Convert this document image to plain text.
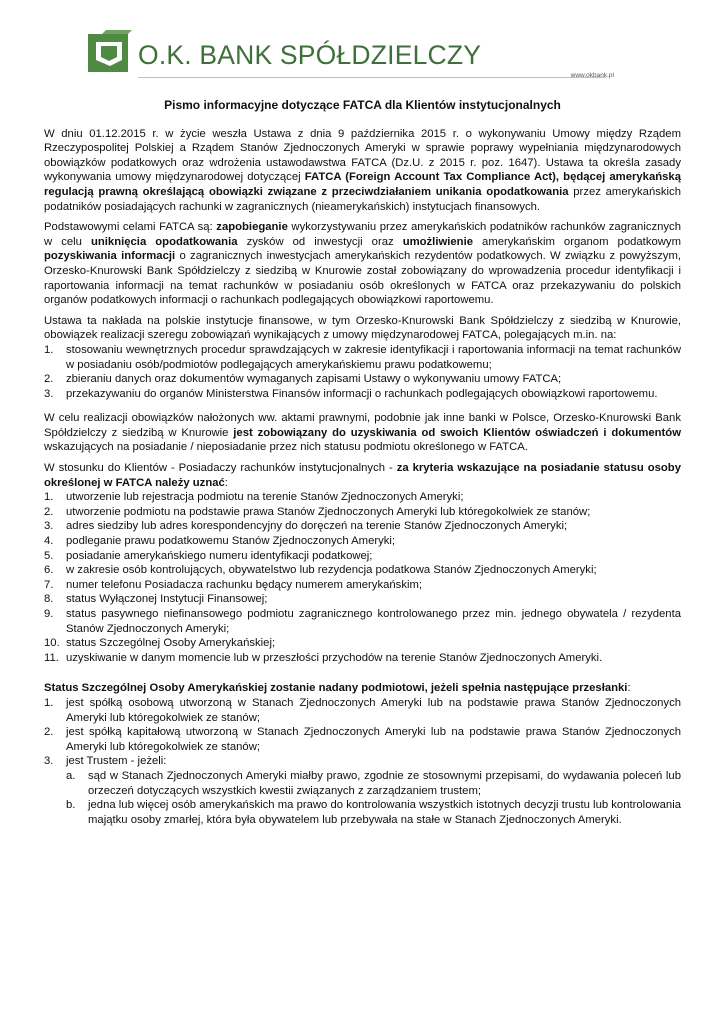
O.K. BANK SPÓŁDZIELCZY
www.okbank.pl
Pismo informacyjne dotyczące FATCA dla Klientów instytucjonalnych

W dniu 01.12.2015 r. w życie weszła Ustawa z dnia 9 października 2015 r. o wykonywaniu Umowy między Rządem Rzeczypospolitej Polskiej a Rządem Stanów Zjednoczonych Ameryki w sprawie poprawy wypełniania międzynarodowych obowiązków podatkowych oraz wdrożenia ustawodawstwa FATCA (Dz.U. z 2015 r. poz. 1647). Ustawa ta określa zasady wykonywania umowy międzynarodowej dotyczącej FATCA (Foreign Account Tax Compliance Act), będącej amerykańską regulacją prawną określającą obowiązki związane z przeciwdziałaniem unikania opodatkowania przez amerykańskich podatników posiadających rachunki w zagranicznych (nieamerykańskich) instytucjach finansowych.

Podstawowymi celami FATCA są: zapobieganie wykorzystywaniu przez amerykańskich podatników rachunków zagranicznych w celu uniknięcia opodatkowania zysków od inwestycji oraz umożliwienie amerykańskim organom podatkowym pozyskiwania informacji o zagranicznych inwestycjach amerykańskich rezydentów podatkowych. W związku z powyższym, Orzesko-Knurowski Bank Spółdzielczy z siedzibą w Knurowie został zobowiązany do wprowadzenia procedur identyfikacji i raportowania informacji na temat rachunków w posiadaniu osób określonych w FATCA oraz przekazywaniu do polskich organów podatkowych informacji o rachunkach podlegających obowiązkowi raportowemu.

Ustawa ta nakłada na polskie instytucje finansowe, w tym Orzesko-Knurowski Bank Spółdzielczy z siedzibą w Knurowie, obowiązek realizacji szeregu zobowiązań wynikających z umowy międzynarodowej FATCA, polegających m.in. na:

1. stosowaniu wewnętrznych procedur sprawdzających w zakresie identyfikacji i raportowania informacji na temat rachunków w posiadaniu osób/podmiotów podlegających amerykańskiemu prawu podatkowemu;
2. zbieraniu danych oraz dokumentów wymaganych zapisami Ustawy o wykonywaniu umowy FATCA;
3. przekazywaniu do organów Ministerstwa Finansów informacji o rachunkach podlegających obowiązkowi raportowemu.

W celu realizacji obowiązków nałożonych ww. aktami prawnymi, podobnie jak inne banki w Polsce, Orzesko-Knurowski Bank Spółdzielczy z siedzibą w Knurowie jest zobowiązany do uzyskiwania od swoich Klientów oświadczeń i dokumentów wskazujących na posiadanie / nieposiadanie przez nich statusu podmiotu określonego w FATCA.

W stosunku do Klientów - Posiadaczy rachunków instytucjonalnych - za kryteria wskazujące na posiadanie statusu osoby określonej w FATCA należy uznać:

1. utworzenie lub rejestracja podmiotu na terenie Stanów Zjednoczonych Ameryki;
2. utworzenie podmiotu na podstawie prawa Stanów Zjednoczonych Ameryki lub któregokolwiek ze stanów;
3. adres siedziby lub adres korespondencyjny do doręczeń na terenie Stanów Zjednoczonych Ameryki;
4. podleganie prawu podatkowemu Stanów Zjednoczonych Ameryki;
5. posiadanie amerykańskiego numeru identyfikacji podatkowej;
6. w zakresie osób kontrolujących, obywatelstwo lub rezydencja podatkowa Stanów Zjednoczonych Ameryki;
7. numer telefonu Posiadacza rachunku będący numerem amerykańskim;
8. status Wyłączonej Instytucji Finansowej;
9. status pasywnego niefinansowego podmiotu zagranicznego kontrolowanego przez min. jednego obywatela / rezydenta Stanów Zjednoczonych Ameryki;
10. status Szczególnej Osoby Amerykańskiej;
11. uzyskiwanie w danym momencie lub w przeszłości przychodów na terenie Stanów Zjednoczonych Ameryki.

Status Szczególnej Osoby Amerykańskiej zostanie nadany podmiotowi, jeżeli spełnia następujące przesłanki:

1. jest spółką osobową utworzoną w Stanach Zjednoczonych Ameryki lub na podstawie prawa Stanów Zjednoczonych Ameryki lub któregokolwiek ze stanów;
2. jest spółką kapitałową utworzoną w Stanach Zjednoczonych Ameryki lub na podstawie prawa Stanów Zjednoczonych Ameryki lub któregokolwiek ze stanów;
3. jest Trustem - jeżeli:
a. sąd w Stanach Zjednoczonych Ameryki miałby prawo, zgodnie ze stosownymi przepisami, do wydawania poleceń lub orzeczeń dotyczących wszystkich kwestii związanych z zarządzaniem trustem;
b. jedna lub więcej osób amerykańskich ma prawo do kontrolowania wszystkich istotnych decyzji trustu lub kontrolowania majątku osoby zmarłej, która była obywatelem lub przebywała na stałe w Stanach Zjednoczonych Ameryki.
